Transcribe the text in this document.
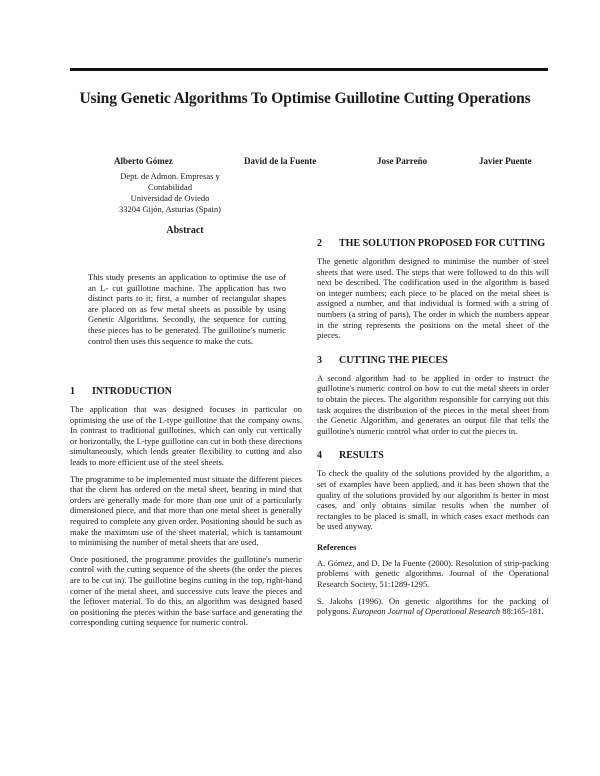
Using Genetic Algorithms To Optimise Guillotine Cutting Operations
Alberto Gómez	David de la Fuente	Jose Parreño	Javier Puente
Dept. de Admon. Empresas y
Contabilidad
Universidad de Oviedo
33204 Gijón, Asturias (Spain)
Abstract

This study presents an application to optimise the use of an L- cut guillotine machine. The application has two distinct parts to it; first, a number of rectangular shapes are placed on as few metal sheets as possible by using Genetic Algorithms. Secondly, the sequence for cutting these pieces has to be generated. The guillotine's numeric control then uses this sequence to make the cuts.

1	INTRODUCTION

The application that was designed focuses in particular on optimising the use of the L-type guillotine that the company owns. In contrast to traditional guillotines, which can only cut vertically or horizontally, the L-type guillotine can cut in both these directions simultaneously, which lends greater flexibility to cutting and also leads to more efficient use of the steel sheets.

The programme to be implemented must situate the different pieces that the client has ordered on the metal sheet, bearing in mind that orders are generally made for more than one unit of a particularly dimensioned piece, and that more than one metal sheet is generally required to complete any given order. Positioning should be such as make the maximum use of the sheet material, which is tantamount to minimising the number of metal sheets that are used.

Once positioned, the programme provides the guillotine's numeric control with the cutting sequence of the sheets (the order the pieces are to be cut in). The guillotine begins cutting in the top, right-hand corner of the metal sheet, and successive cuts leave the pieces and the leftover material. To do this, an algorithm was designed based on positioning the pieces within the base surface and generating the corresponding cutting sequence for numeric control.

2	THE SOLUTION PROPOSED FOR CUTTING

The genetic algorithm designed to minimise the number of steel sheets that were used. The steps that were followed to do this will next be described. The codification used in the algorithm is based on integer numbers; each piece to be placed on the metal sheet is assigned a number, and that individual is formed with a string of numbers (a string of parts), The order in which the numbers appear in the string represents the positions on the metal sheet of the pieces.

3	CUTTING THE PIECES

A second algorithm had to be applied in order to instruct the guillotine's numeric control on how to cut the metal sheets in order to obtain the pieces. The algorithm responsible for carrying out this task acquires the distribution of the pieces in the metal sheet from the Genetic Algorithm, and generates an output file that tells the guillotine's numeric control what order to cut the pieces in.

4	RESULTS

To check the quality of the solutions provided by the algorithm, a set of examples have been applied, and it has been shown that the quality of the solutions provided by our algorithm is better in most cases, and only obtains similar results when the number of rectangles to be placed is small, in which cases exact methods can be used anyway.

References

A. Gómez, and D. De la Fuente (2000). Resolution of strip-packing problems with genetic algorithms. Journal of the Operational Research Society, 51:1289-1295.

S. Jakobs (1996). On genetic algorithms for the packing of polygons. European Journal of Operational Research 88:165-181.
